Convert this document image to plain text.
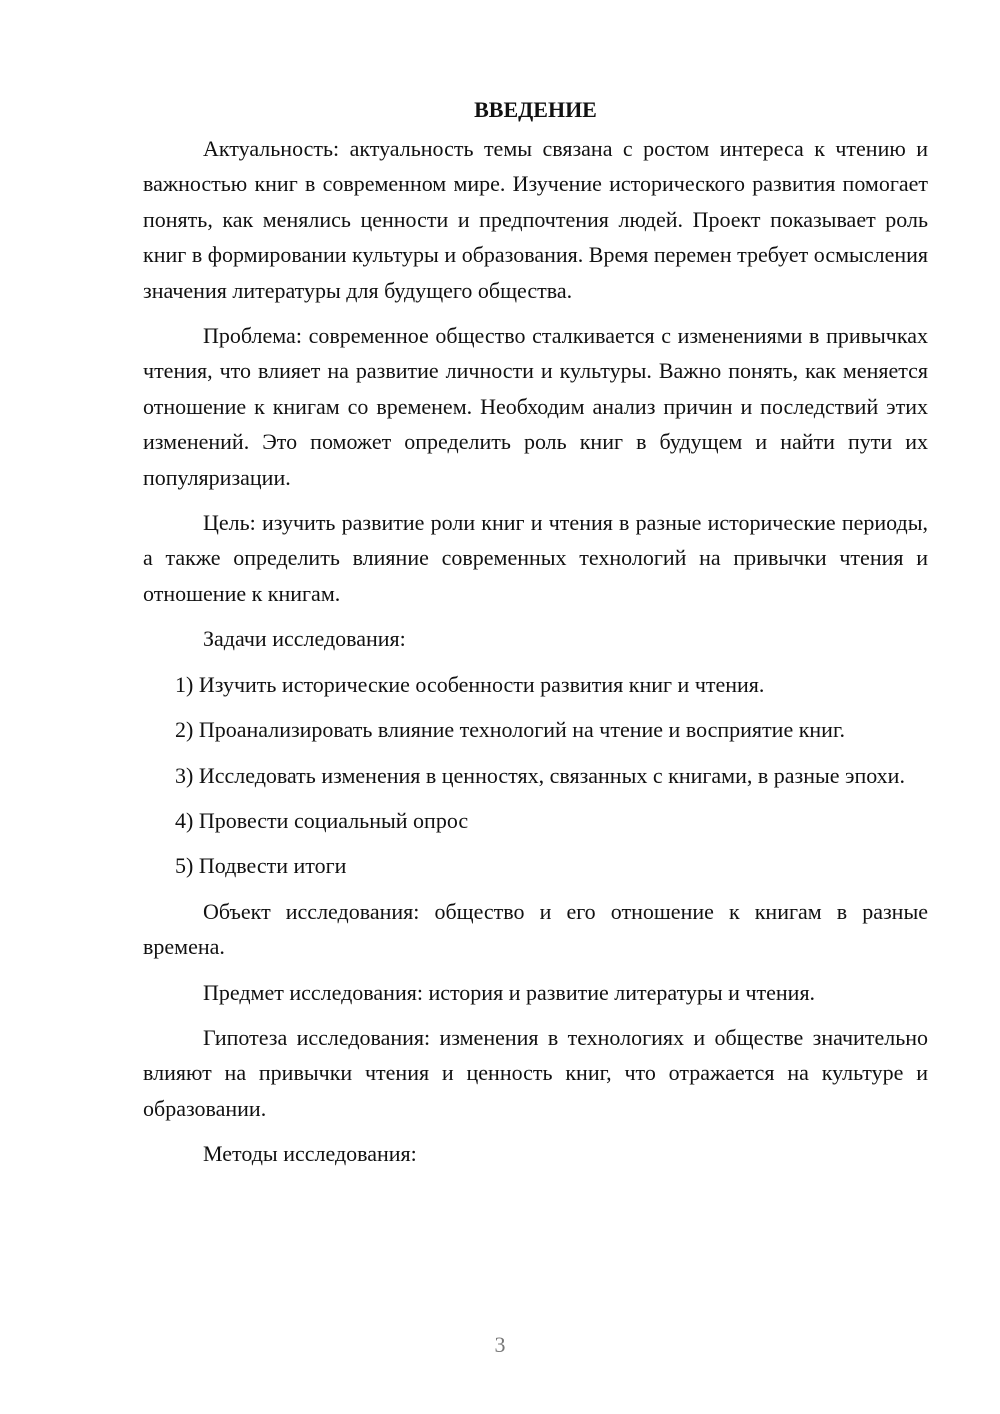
ВВЕДЕНИЕ

Актуальность: актуальность темы связана с ростом интереса к чтению и важностью книг в современном мире. Изучение исторического развития помогает понять, как менялись ценности и предпочтения людей. Проект показывает роль книг в формировании культуры и образования. Время перемен требует осмысления значения литературы для будущего общества.

Проблема: современное общество сталкивается с изменениями в привычках чтения, что влияет на развитие личности и культуры. Важно понять, как меняется отношение к книгам со временем. Необходим анализ причин и последствий этих изменений. Это поможет определить роль книг в будущем и найти пути их популяризации.

Цель: изучить развитие роли книг и чтения в разные исторические периоды, а также определить влияние современных технологий на привычки чтения и отношение к книгам.

Задачи исследования:

1) Изучить исторические особенности развития книг и чтения.

2) Проанализировать влияние технологий на чтение и восприятие книг.

3) Исследовать изменения в ценностях, связанных с книгами, в разные эпохи.

4) Провести социальный опрос

5) Подвести итоги

Объект исследования: общество и его отношение к книгам в разные времена.

Предмет исследования: история и развитие литературы и чтения.

Гипотеза исследования: изменения в технологиях и обществе значительно влияют на привычки чтения и ценность книг, что отражается на культуре и образовании.

Методы исследования:

3
